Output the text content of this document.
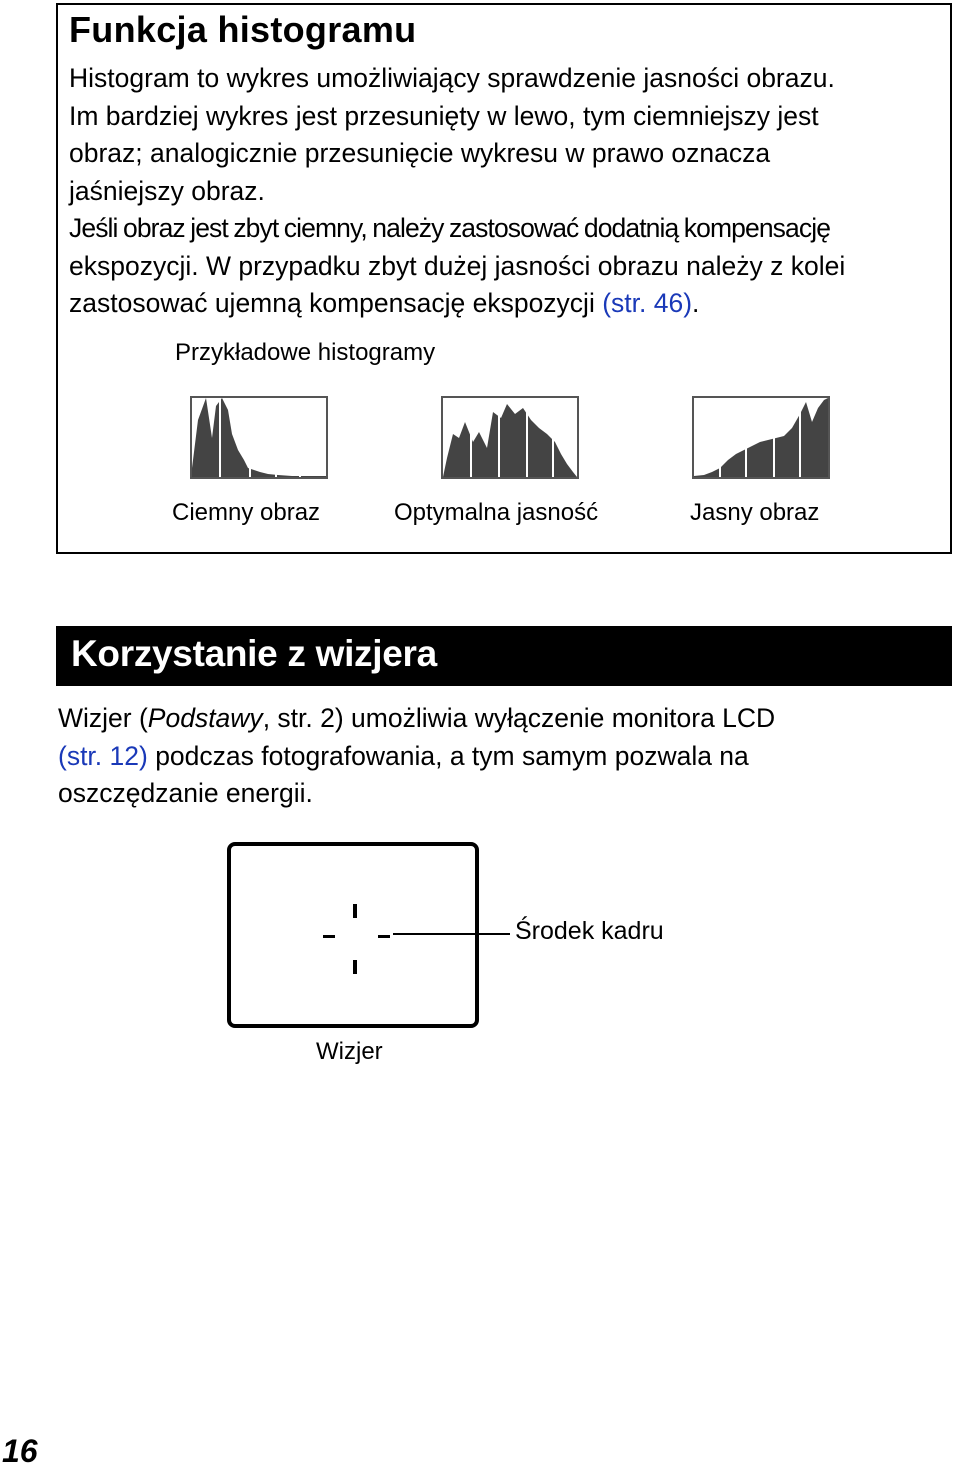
Funkcja histogramu

Histogram to wykres umożliwiający sprawdzenie jasności obrazu.
Im bardziej wykres jest przesunięty w lewo, tym ciemniejszy jest
obraz; analogicznie przesunięcie wykresu w prawo oznacza
jaśniejszy obraz.
Jeśli obraz jest zbyt ciemny, należy zastosować dodatnią kompensację
ekspozycji. W przypadku zbyt dużej jasności obrazu należy z kolei
zastosować ujemną kompensację ekspozycji (str. 46).

Przykładowe histogramy

Ciemny obraz	Optymalna jasność	Jasny obraz

Korzystanie z wizjera

Wizjer (Podstawy, str. 2) umożliwia wyłączenie monitora LCD
(str. 12) podczas fotografowania, a tym samym pozwala na
oszczędzanie energii.

Środek kadru

Wizjer

16
